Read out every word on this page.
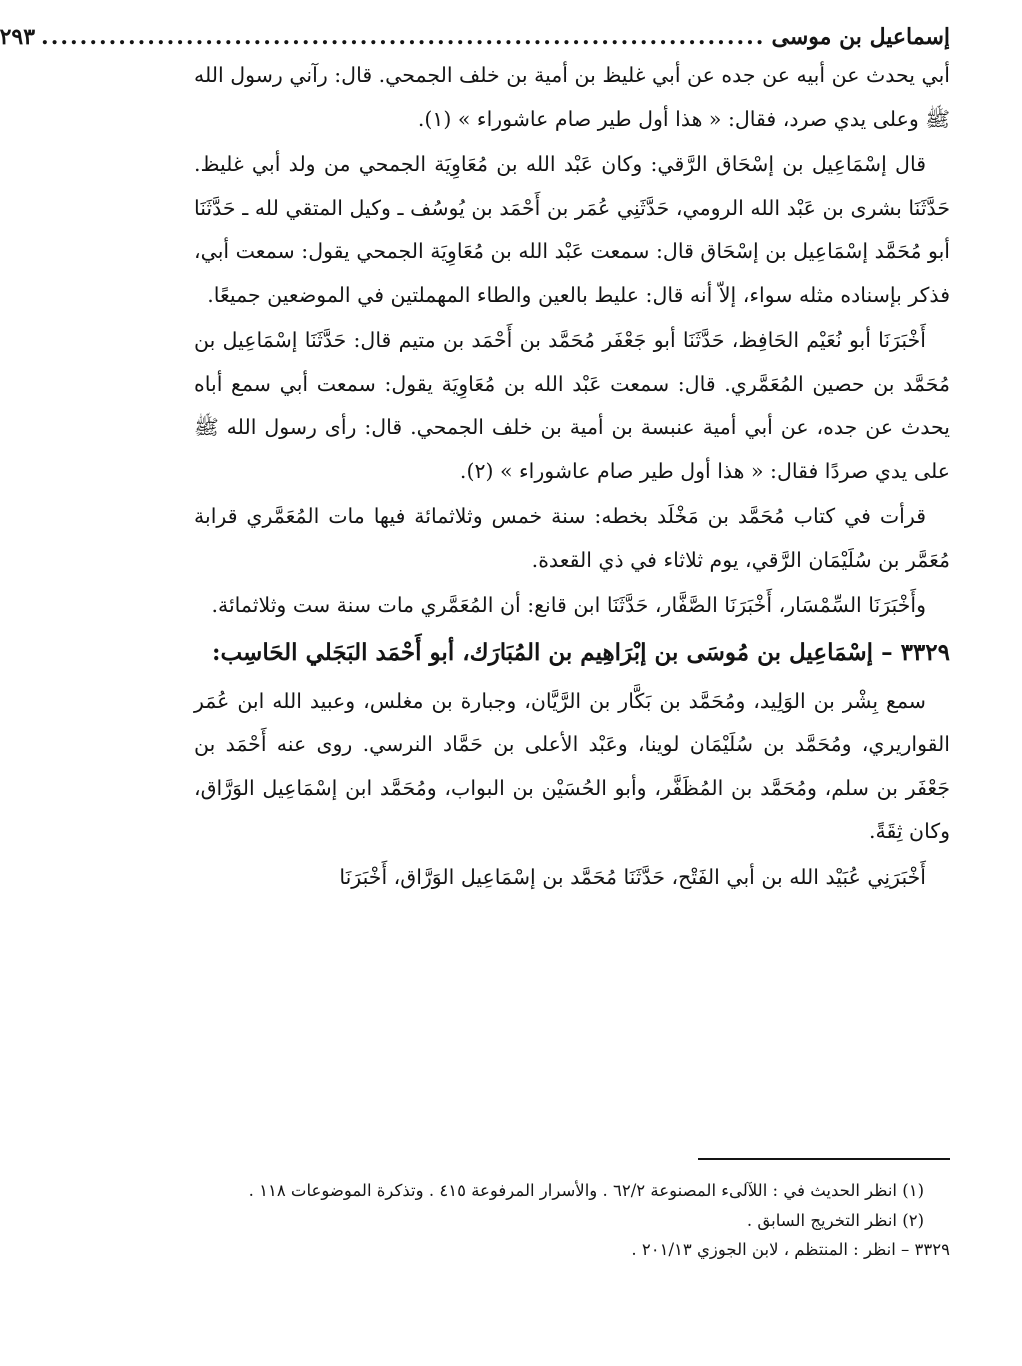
إسماعيل بن موسى
...........................................................................
٢٩٣

أبي يحدث عن أبيه عن جده عن أبي غليظ بن أمية بن خلف الجمحي. قال: رآني رسول الله ﷺ وعلى يدي صرد، فقال: « هذا أول طير صام عاشوراء » (١).

قال إسْمَاعِيل بن إسْحَاق الرَّقي: وكان عَبْد الله بن مُعَاوِيَة الجمحي من ولد أبي غليظ. حَدَّثَنَا بشرى بن عَبْد الله الرومي، حَدَّثَنِي عُمَر بن أَحْمَد بن يُوسُف ـ وكيل المتقي لله ـ حَدَّثَنَا أبو مُحَمَّد إسْمَاعِيل بن إسْحَاق قال: سمعت عَبْد الله بن مُعَاوِيَة الجمحي يقول: سمعت أبي، فذكر بإسناده مثله سواء، إلاّ أنه قال: عليط بالعين والطاء المهملتين في الموضعين جميعًا.

أَخْبَرَنَا أبو نُعَيْم الحَافِظ، حَدَّثَنَا أبو جَعْفَر مُحَمَّد بن أَحْمَد بن متيم قال: حَدَّثَنَا إسْمَاعِيل بن مُحَمَّد بن حصين المُعَمَّري. قال: سمعت عَبْد الله بن مُعَاوِيَة يقول: سمعت أبي سمع أباه يحدث عن جده، عن أبي أمية عنبسة بن أمية بن خلف الجمحي. قال: رأى رسول الله ﷺ على يدي صردًا فقال: « هذا أول طير صام عاشوراء » (٢).

قرأت في كتاب مُحَمَّد بن مَخْلَد بخطه: سنة خمس وثلاثمائة فيها مات المُعَمَّري قرابة مُعَمَّر بن سُلَيْمَان الرَّقي، يوم ثلاثاء في ذي القعدة.

وأَخْبَرَنَا السِّمْسَار، أَخْبَرَنَا الصَّفَّار، حَدَّثَنَا ابن قانع: أن المُعَمَّري مات سنة ست وثلاثمائة.

٣٣٢٩ – إسْمَاعِيل بن مُوسَى بن إبْرَاهِيم بن المُبَارَك، أبو أَحْمَد البَجَلي الحَاسِب:

سمع بِشْر بن الوَلِيد، ومُحَمَّد بن بَكَّار بن الرَّيَّان، وجبارة بن مغلس، وعبيد الله ابن عُمَر القواريري، ومُحَمَّد بن سُلَيْمَان لوينا، وعَبْد الأعلى بن حَمَّاد النرسي. روى عنه أَحْمَد بن جَعْفَر بن سلم، ومُحَمَّد بن المُظَفَّر، وأبو الحُسَيْن بن البواب، ومُحَمَّد ابن إسْمَاعِيل الوَرَّاق، وكان ثِقَةً.

أَخْبَرَنِي عُبَيْد الله بن أبي الفَتْح، حَدَّثَنَا مُحَمَّد بن إسْمَاعِيل الوَرَّاق، أَخْبَرَنَا

(١) انظر الحديث في : اللآلىء المصنوعة ٦٢/٢ . والأسرار المرفوعة ٤١٥ . وتذكرة الموضوعات ١١٨ .

(٢) انظر التخريج السابق .

٣٣٢٩ – انظر : المنتظم ، لابن الجوزي ٢٠١/١٣ .
